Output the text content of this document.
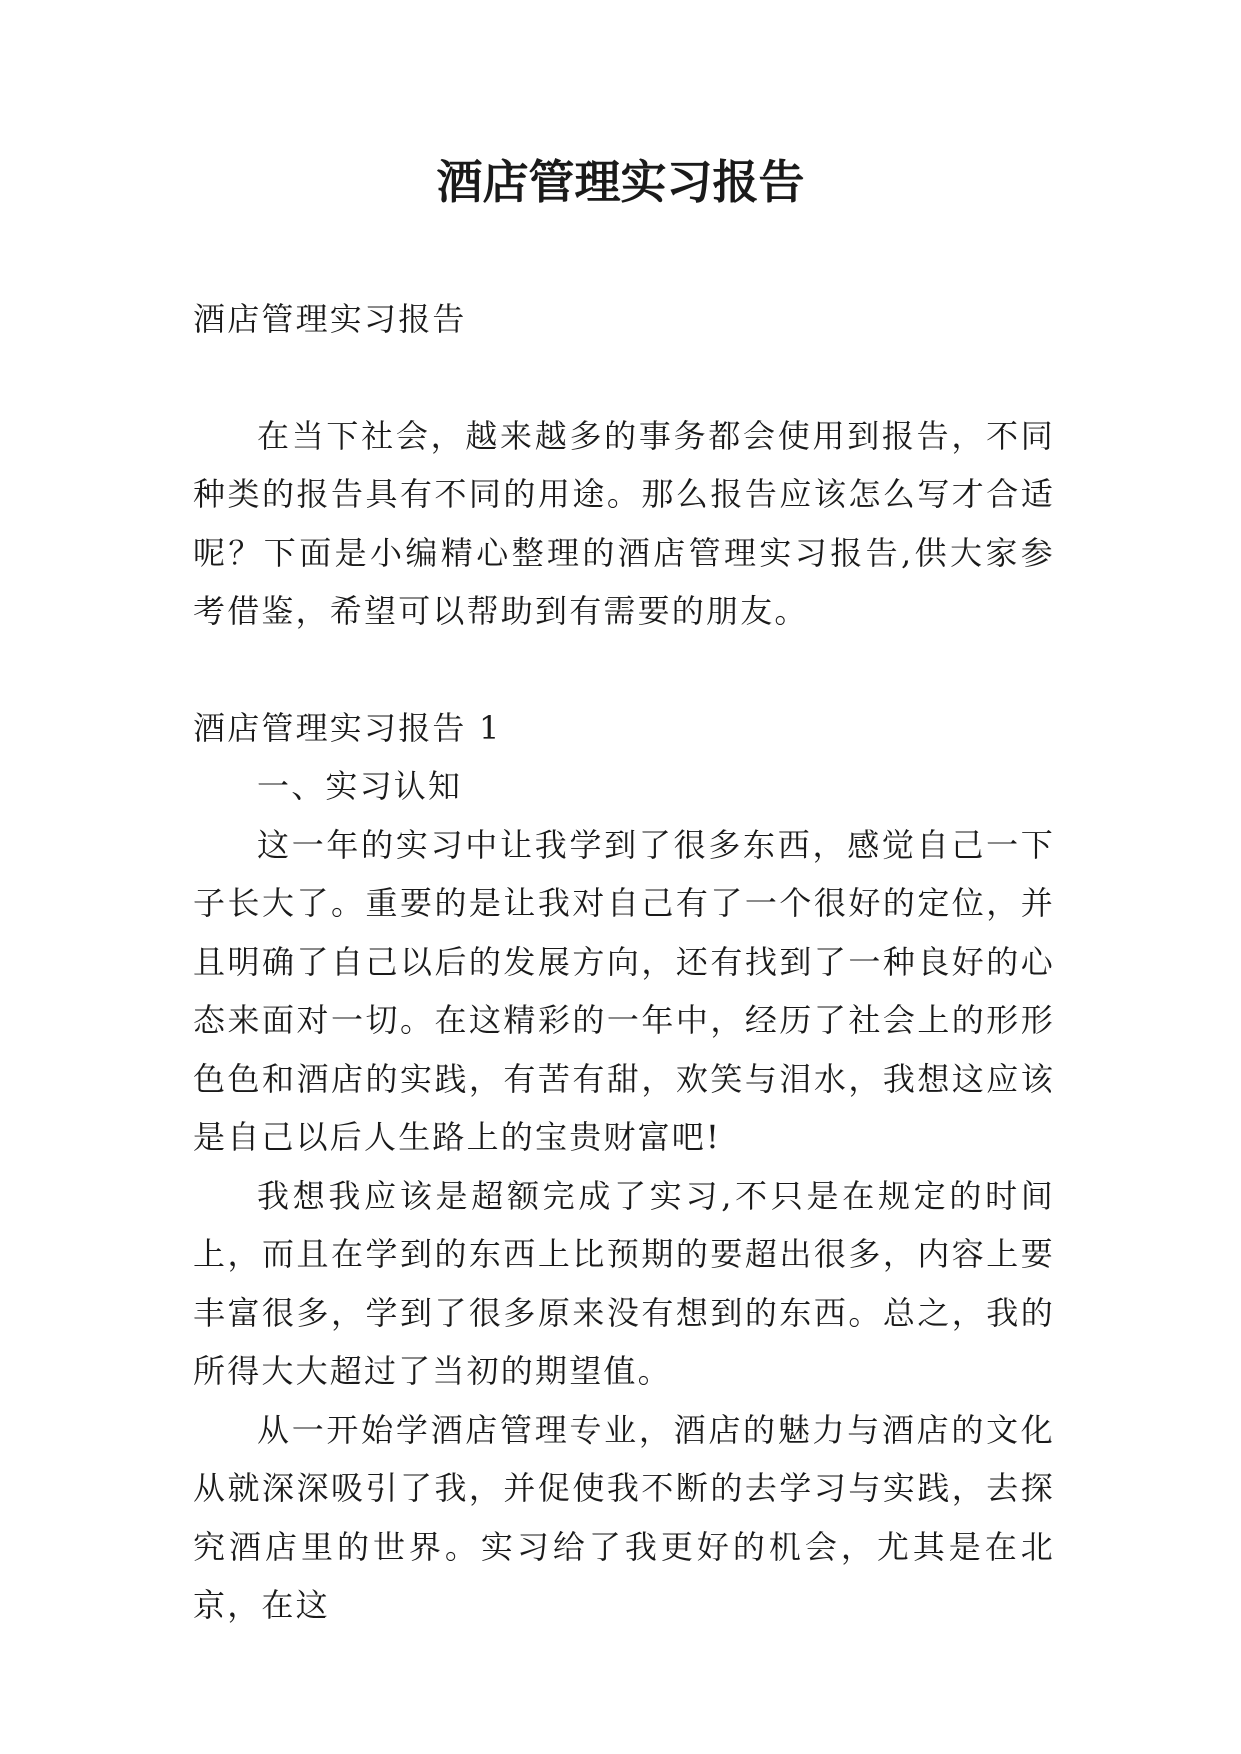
酒店管理实习报告

酒店管理实习报告

在当下社会，越来越多的事务都会使用到报告，不同种类的报告具有不同的用途。那么报告应该怎么写才合适呢？下面是小编精心整理的酒店管理实习报告,供大家参考借鉴，希望可以帮助到有需要的朋友。

酒店管理实习报告 1

一、实习认知

这一年的实习中让我学到了很多东西，感觉自己一下子长大了。重要的是让我对自己有了一个很好的定位，并且明确了自己以后的发展方向，还有找到了一种良好的心态来面对一切。在这精彩的一年中，经历了社会上的形形色色和酒店的实践，有苦有甜，欢笑与泪水，我想这应该是自己以后人生路上的宝贵财富吧!

我想我应该是超额完成了实习,不只是在规定的时间上，而且在学到的东西上比预期的要超出很多，内容上要丰富很多，学到了很多原来没有想到的东西。总之，我的所得大大超过了当初的期望值。

从一开始学酒店管理专业，酒店的魅力与酒店的文化从就深深吸引了我，并促使我不断的去学习与实践，去探究酒店里的世界。实习给了我更好的机会，尤其是在北京，在这
